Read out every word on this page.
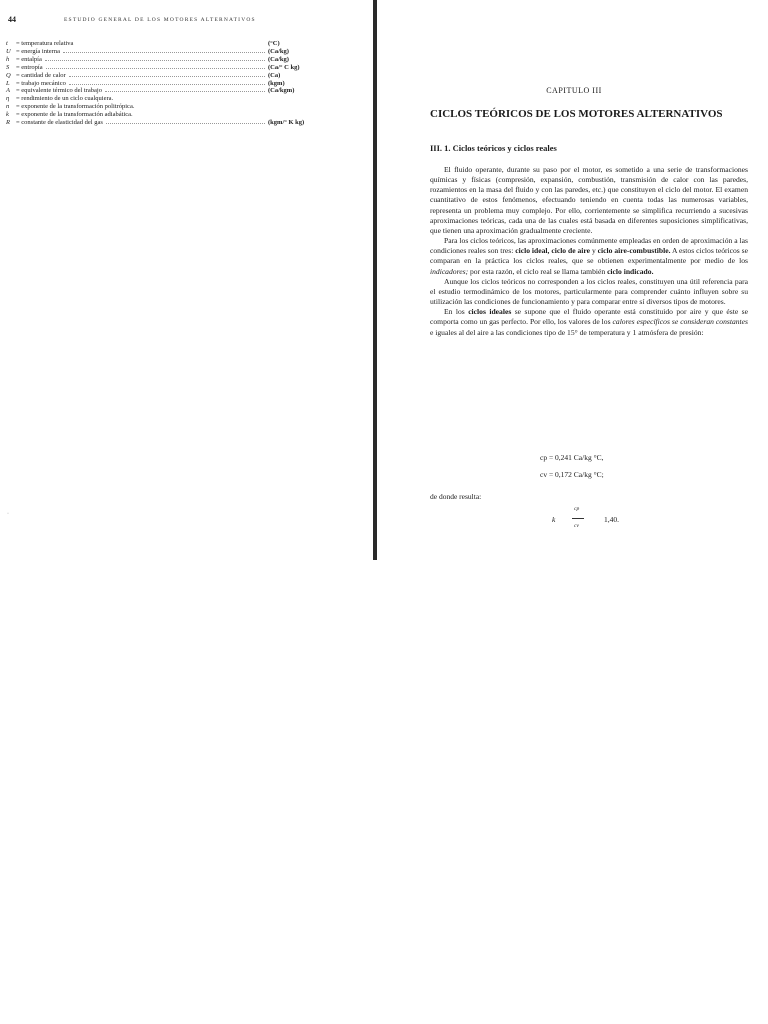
44	ESTUDIO GENERAL DE LOS MOTORES ALTERNATIVOS
t	= temperatura relativa	(°C)
U = energía interna	(Ca/kg)
h	= entalpía	(Ca/kg)
S	= entropía	(Ca/° C kg)
Q = cantidad de calor	(Ca)
L = trabajo mecánico	(kgm)
A = equivalente térmico del trabajo	(Ca/kgm)
η	= rendimiento de un ciclo cualquiera.
n	= exponente de la transformación politrópica.
k	= exponente de la transformación adiabática.
R = constante de elasticidad del gas	(kgm/° K kg)
·
CAPITULO III
CICLOS TEÓRICOS DE LOS MOTORES ALTERNATIVOS
III. 1. Ciclos teóricos y ciclos reales

El fluido operante, durante su paso por el motor, es sometido a una serie de transformaciones químicas y físicas (compresión, expansión, combustión, transmisión de calor con las paredes, rozamientos en la masa del fluido y con las paredes, etc.) que constituyen el ciclo del motor. El examen cuantitativo de estos fenómenos, efectuando teniendo en cuenta todas las numerosas variables, representa un problema muy complejo. Por ello, corrientemente se simplifica recurriendo a sucesivas aproximaciones teóricas, cada una de las cuales está basada en diferentes suposiciones simplificativas, que tienen una aproximación gradualmente creciente.

Para los ciclos teóricos, las aproximaciones comúnmente empleadas en orden de aproximación a las condiciones reales son tres: ciclo ideal, ciclo de aire y ciclo aire-combustible. A estos ciclos teóricos se comparan en la práctica los ciclos reales, que se obtienen experimentalmente por medio de los indicadores; por esta razón, el ciclo real se llama también ciclo indicado.

Aunque los ciclos teóricos no corresponden a los ciclos reales, constituyen una útil referencia para el estudio termodinámico de los motores, particularmente para comprender cuánto influyen sobre su utilización las condiciones de funcionamiento y para comparar entre sí diversos tipos de motores.

En los ciclos ideales se supone que el fluido operante está constituido por aire y que éste se comporta como un gas perfecto. Por ello, los valores de los calores específicos se consideran constantes e iguales al del aire a las condiciones tipo de 15° de temperatura y 1 atmósfera de presión:

cp = 0,241 Ca/kg °C,
cv = 0,172 Ca/kg °C;
de donde resulta:
k
cp
cv
1,40.
